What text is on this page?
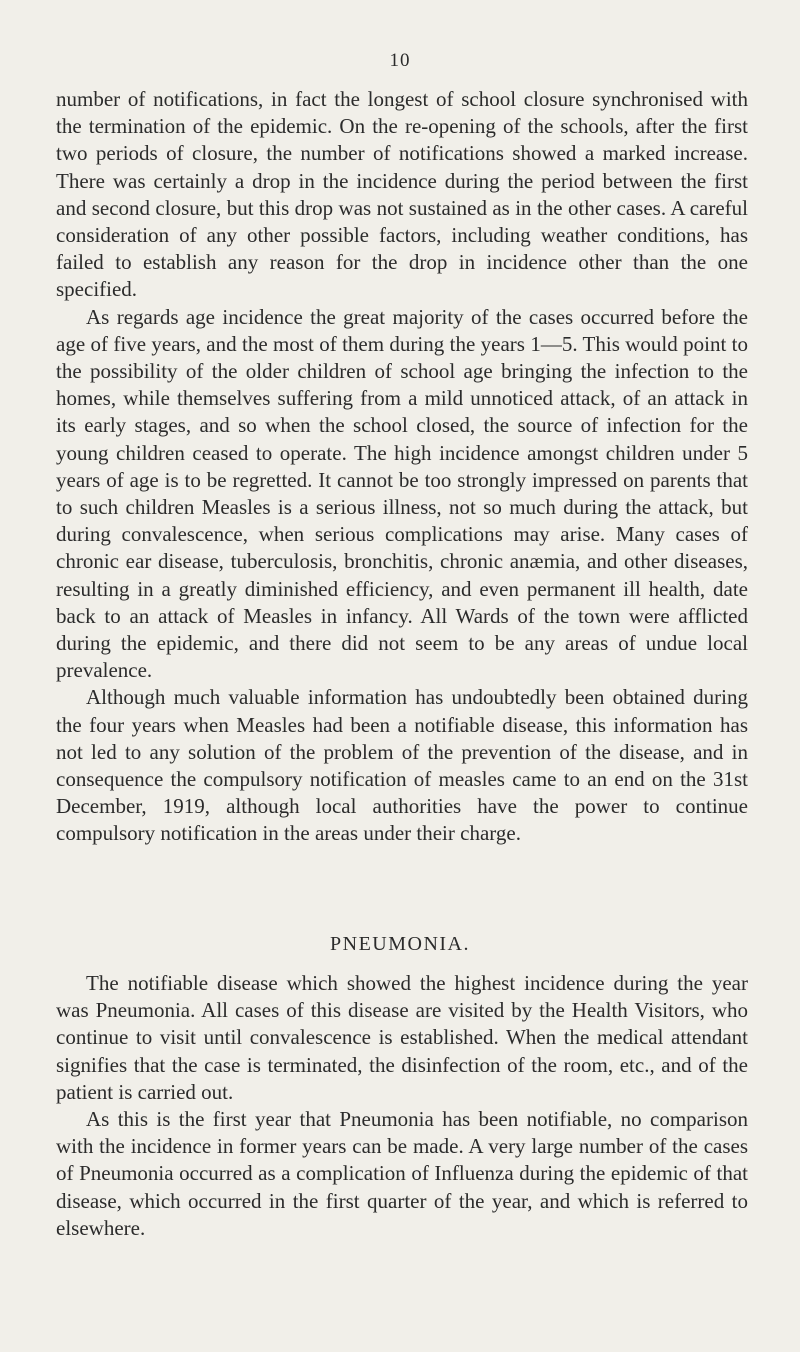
10

number of notifications, in fact the longest of school closure synchronised with the termination of the epidemic. On the re-opening of the schools, after the first two periods of closure, the number of notifications showed a marked increase. There was certainly a drop in the incidence during the period between the first and second closure, but this drop was not sustained as in the other cases. A careful consideration of any other possible factors, including weather conditions, has failed to establish any reason for the drop in incidence other than the one specified.

As regards age incidence the great majority of the cases occurred before the age of five years, and the most of them during the years 1—5. This would point to the possibility of the older children of school age bringing the infection to the homes, while themselves suffering from a mild unnoticed attack, of an attack in its early stages, and so when the school closed, the source of infection for the young children ceased to operate. The high incidence amongst children under 5 years of age is to be regretted. It cannot be too strongly impressed on parents that to such children Measles is a serious illness, not so much during the attack, but during convalescence, when serious complications may arise. Many cases of chronic ear disease, tuberculosis, bronchitis, chronic anæmia, and other diseases, resulting in a greatly diminished efficiency, and even permanent ill health, date back to an attack of Measles in infancy. All Wards of the town were afflicted during the epidemic, and there did not seem to be any areas of undue local prevalence.

Although much valuable information has undoubtedly been obtained during the four years when Measles had been a notifiable disease, this information has not led to any solution of the problem of the prevention of the disease, and in consequence the compulsory notification of measles came to an end on the 31st December, 1919, although local authorities have the power to continue compulsory notification in the areas under their charge.

PNEUMONIA.

The notifiable disease which showed the highest incidence during the year was Pneumonia. All cases of this disease are visited by the Health Visitors, who continue to visit until convalescence is established. When the medical attendant signifies that the case is terminated, the disinfection of the room, etc., and of the patient is carried out.

As this is the first year that Pneumonia has been notifiable, no comparison with the incidence in former years can be made. A very large number of the cases of Pneumonia occurred as a complication of Influenza during the epidemic of that disease, which occurred in the first quarter of the year, and which is referred to elsewhere.
